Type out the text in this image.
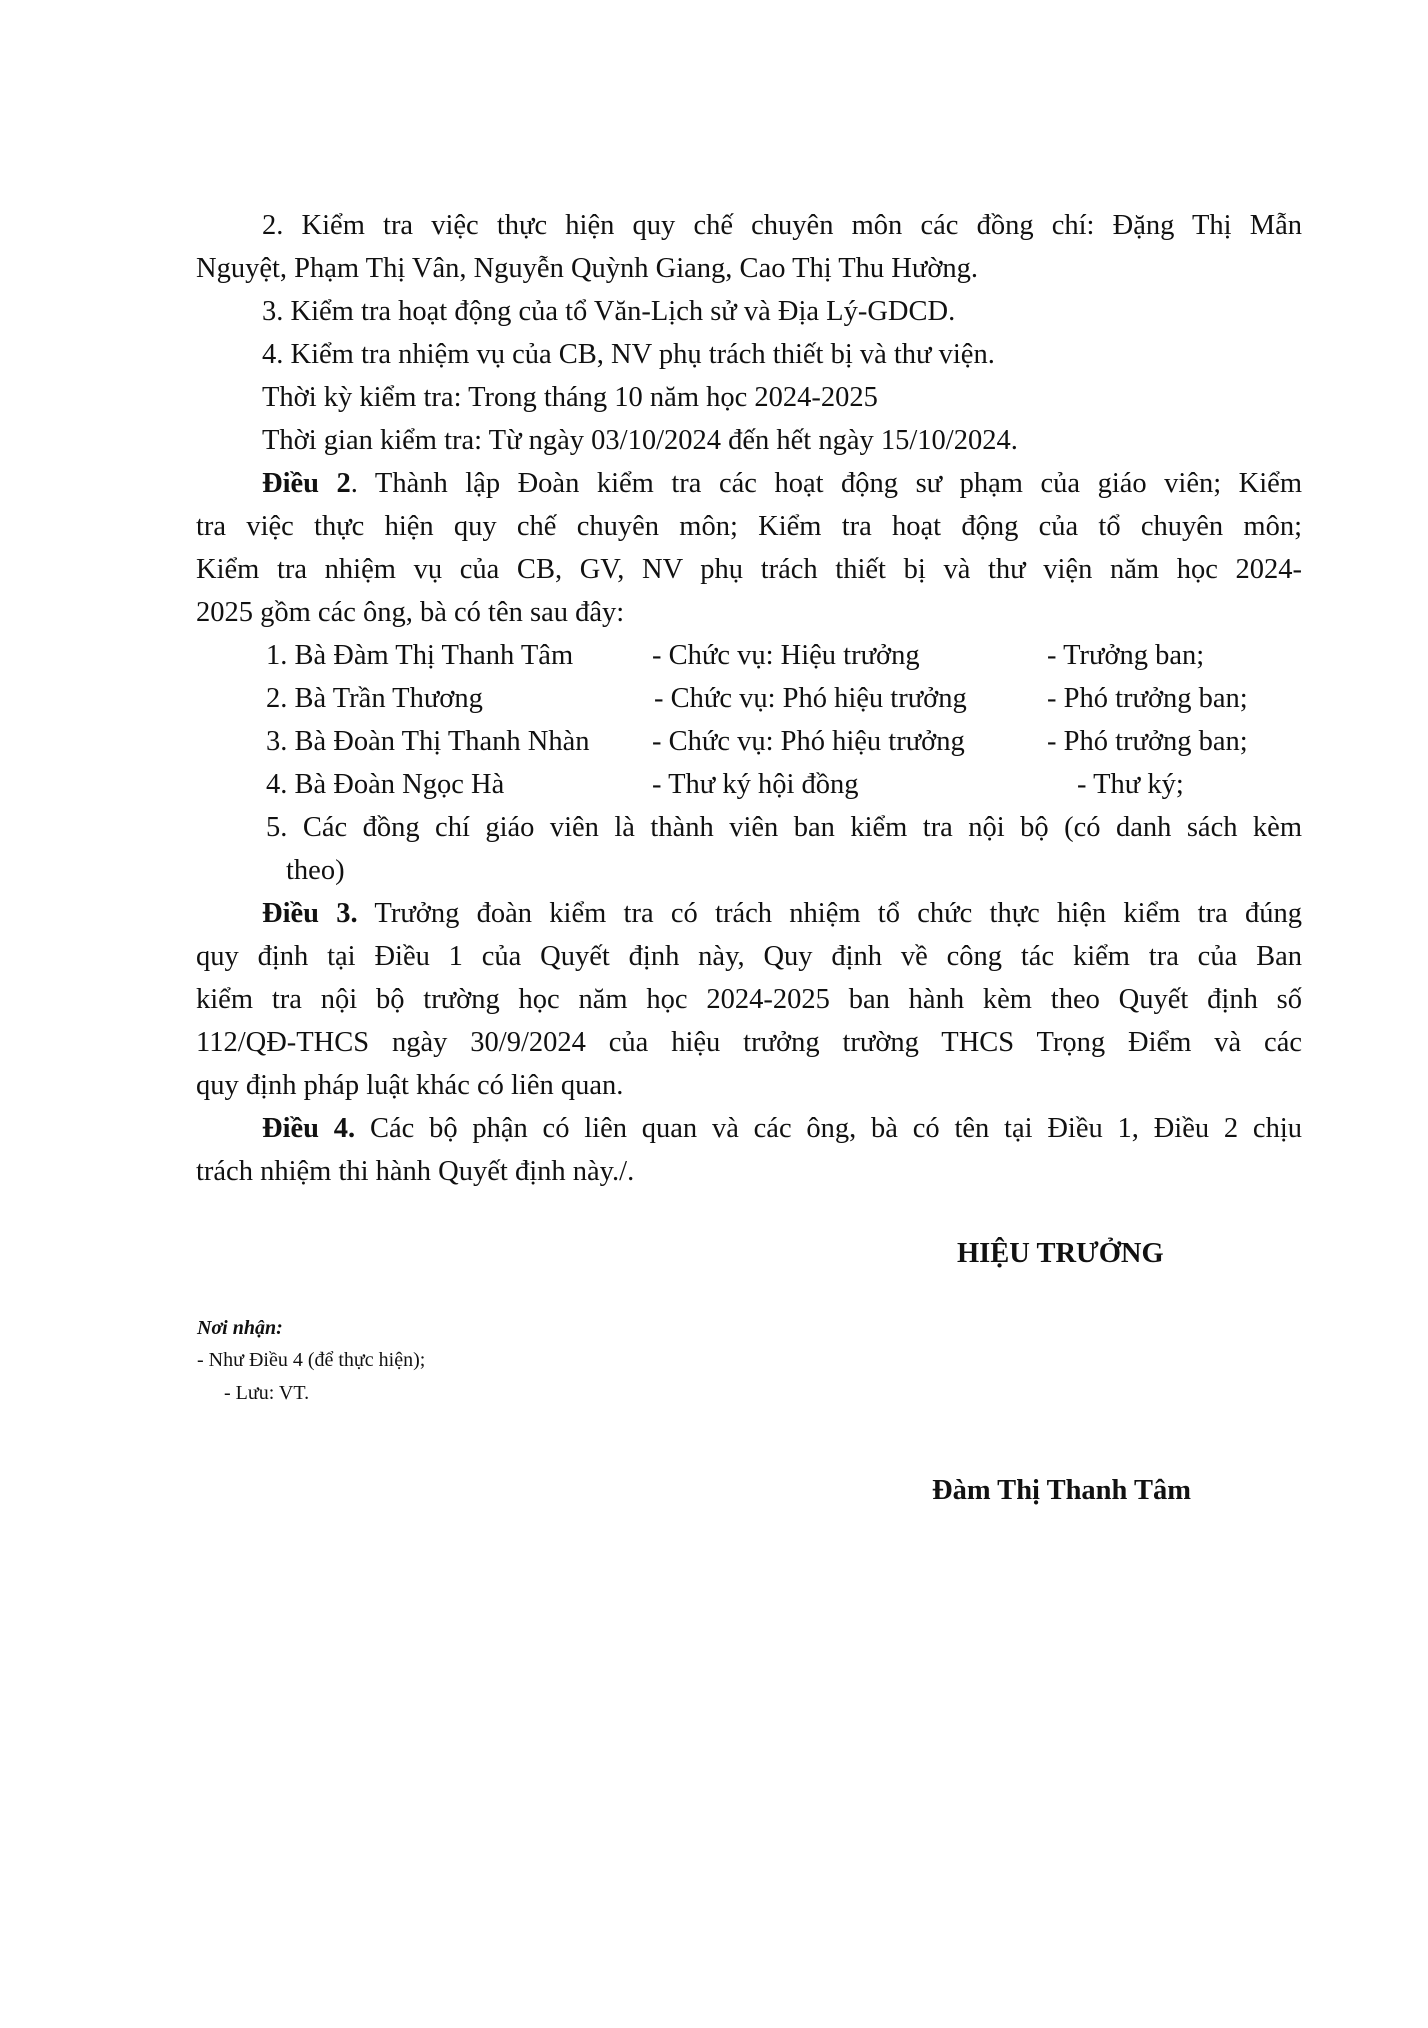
2. Kiểm tra việc thực hiện quy chế chuyên môn các đồng chí: Đặng Thị Mẫn
Nguyệt, Phạm Thị Vân, Nguyễn Quỳnh Giang, Cao Thị Thu Hường.
3. Kiểm tra hoạt động của tổ Văn-Lịch sử và Địa Lý-GDCD.
4. Kiểm tra nhiệm vụ của CB, NV phụ trách thiết bị và thư viện.
Thời kỳ kiểm tra: Trong tháng 10 năm học 2024-2025
Thời gian kiểm tra: Từ ngày 03/10/2024 đến hết ngày 15/10/2024.
Điều 2. Thành lập Đoàn kiểm tra các hoạt động sư phạm của giáo viên; Kiểm
tra việc thực hiện quy chế chuyên môn; Kiểm tra hoạt động của tổ chuyên môn;
Kiểm tra nhiệm vụ của CB, GV, NV phụ trách thiết bị và thư viện năm học 2024-
2025 gồm các ông, bà có tên sau đây:
1. Bà Đàm Thị Thanh Tâm	- Chức vụ: Hiệu trưởng	- Trưởng ban;
2. Bà Trần Thương	- Chức vụ: Phó hiệu trưởng	- Phó trưởng ban;
3. Bà Đoàn Thị Thanh Nhàn - Chức vụ: Phó hiệu trưởng	- Phó trưởng ban;
4. Bà Đoàn Ngọc Hà	- Thư ký hội đồng	- Thư ký;
5. Các đồng chí giáo viên là thành viên ban kiểm tra nội bộ (có danh sách kèm
theo)
Điều 3. Trưởng đoàn kiểm tra có trách nhiệm tổ chức thực hiện kiểm tra đúng
quy định tại Điều 1 của Quyết định này, Quy định về công tác kiểm tra của Ban
kiểm tra nội bộ trường học năm học 2024-2025 ban hành kèm theo Quyết định số
112/QĐ-THCS ngày 30/9/2024 của hiệu trưởng trường THCS Trọng Điểm và các
quy định pháp luật khác có liên quan.
Điều 4. Các bộ phận có liên quan và các ông, bà có tên tại Điều 1, Điều 2 chịu
trách nhiệm thi hành Quyết định này./.
HIỆU TRƯỞNG
Nơi nhận:
- Như Điều 4 (để thực hiện);
- Lưu: VT.
Đàm Thị Thanh Tâm
